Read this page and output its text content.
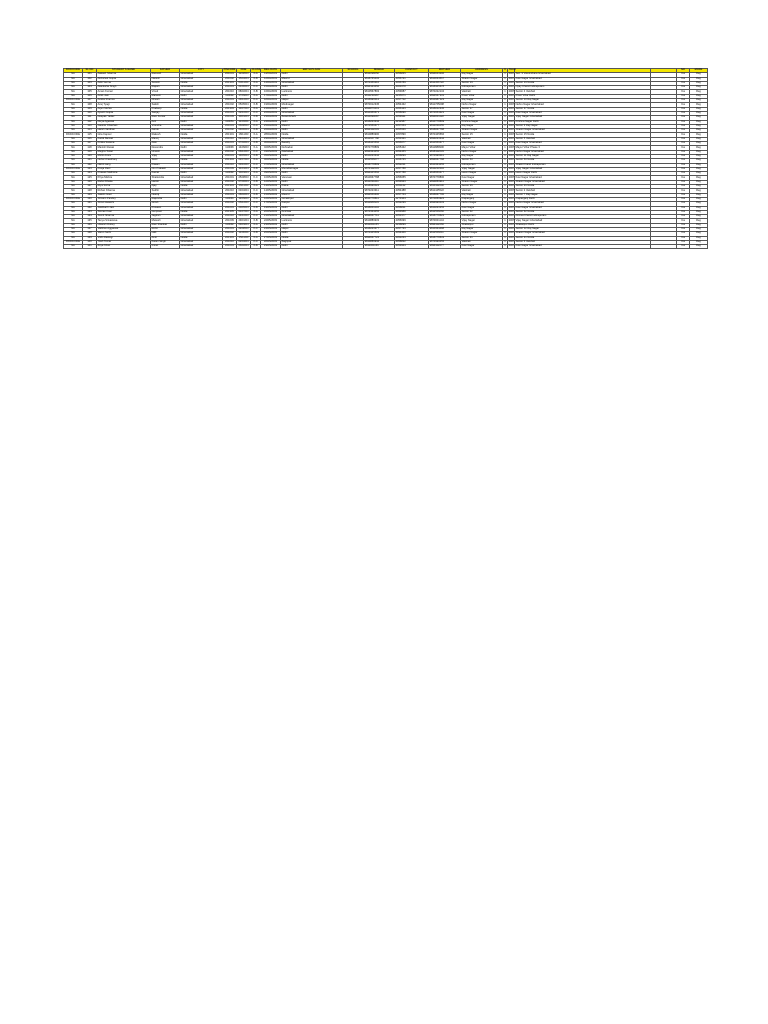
PAID/CODE	SL NO	STUDENT'S NAME	FATHER	CITY	PINCODE	DOB	CLASS	REG DATE	BIRTH PLACE	SCHOOL	MOBILE	CONTACT	MOTHER	ADDRESS	X	YEAR			NO	MODE
NA	101	Aakash Sharma	Ramesh	Ghaziabad	201001	12/08/03	X-A	11/04/2003	Delhi		9811098650	4358865	9899043296	Raj Nagar	1	2007	Sec. 9 Vasundhara Ghaziabad		Yes	Reg
NA	102	Abhishek Gupta	Naresh	Ghaziabad	201002	15/04/04	X-B	12/04/2003	Meerut		9818765432	4356721	9810034567	Shastri Nagar	1	2007	Kavi Nagar Ghaziabad		Yes	Reg
NA	103	Aditi Verma	Suresh	Noida	201301	03/11/03	X-A	14/04/2003	Ghaziabad		9873456210	2456789	9811456722	Sector 19	1	2007	Sector 19 Noida		Yes	Reg
NA	104	Akanksha Singh	Rajesh	Ghaziabad	201001	21/06/04	X-C	15/04/2003	Delhi		9899123456	4321678	9818345678	Indirapuram	1	2007	Nyay Khand Indirapuram		Yes	Reg
NA	105	Aman Kumar	Vinod	Ghaziabad	201010	08/02/04	X-B	16/04/2003	Lucknow		9810567893	4359087	9873222134	Vaishali	1	2007	Sector 4 Vaishali		Yes	Reg
NA	106	Ankit Jain	Mahesh	Delhi	110092	17/09/03	X-A	17/04/2003	Delhi		9811234987	2245671	9899567231	Preet Vihar	1	2007	Preet Vihar Delhi		Yes	Reg
PAID/CODE	107	Ankita Sharma	Dinesh	Ghaziabad	201001	29/12/03	X-C	18/04/2003	Hapur		9818990012	4357712	9810987123	Raj Nagar	1	2007	Sector 10 Raj Nagar		Yes	Reg
NA	108	Anuj Tyagi	Satish	Ghaziabad	201002	05/05/04	X-B	19/04/2003	Modinagar		9873012345	4354432	9811765098	Nehru Nagar	1	2007	Nehru Nagar Ghaziabad		Yes	Reg
NA	109	Arjun Mehta	Pradeep	Noida	201303	13/07/03	X-A	21/04/2003	Delhi		9899876001	2456123	9818012345	Sector 37	1	2007	Sector 37 Noida		Yes	Reg
NA	110	Ayushi Gupta	Sanjay	Ghaziabad	201001	22/10/03	X-C	22/04/2003	Ghaziabad		9810456671	4358090	9873654321	Kavi Nagar	1	2007	Kavi Nagar Ghaziabad		Yes	Reg
NA	111	Deepak Yadav	Ram Kumar	Ghaziabad	201009	30/01/04	X-B	23/04/2003	Bulandshahr		9811990087	4359911	9899001122	Vijay Nagar	1	2007	Vijay Nagar Ghaziabad		Yes	Reg
NA	112	Divya Agarwal	Anil	Delhi	110051	11/03/04	X-A	24/04/2003	Delhi		9818223344	2212987	9810778899	Krishna Nagar	1	2007	Krishna Nagar Delhi		Yes	Reg
NA	113	Gaurav Chauhan	Virendra	Ghaziabad	201001	26/08/03	X-C	25/04/2003	Meerut		9873556677	4357654	9811334455	Raj Nagar	1	2007	Sector 3 Raj Nagar		Yes	Reg
NA	114	Harsh Vardhan	Ashok	Ghaziabad	201002	09/06/04	X-B	26/04/2003	Delhi		9899112233	4355566	9818667788	Shastri Nagar	1	2007	Shastri Nagar Ghaziabad		Yes	Reg
PAID/CODE	115	Isha Kapoor	Rakesh	Noida	201301	18/11/03	X-A	28/04/2003	Noida		9810889900	2457890	9873445566	Sector 15	1	2007	Sector 15 Noida		Yes	Reg
NA	116	Kartik Bansal	Manoj	Ghaziabad	201010	04/04/04	X-C	29/04/2003	Ghaziabad		9811667788	4353321	9899223344	Vaishali	1	2007	Sector 5 Vaishali		Yes	Reg
NA	117	Kritika Saxena	Alok	Ghaziabad	201001	27/02/04	X-B	30/04/2003	Bareilly		9818445566	4356677	9810556677	Kavi Nagar	1	2007	Kavi Nagar Ghaziabad		Yes	Reg
NA	118	Manish Rawat	Devendra	Delhi	110096	14/09/03	X-A	02/05/2003	Dehradun		9873778899	2265432	9811889900	Mayur Vihar	1	2007	Mayur Vihar Phase 3		Yes	Reg
NA	119	Megha Tiwari	Umesh	Ghaziabad	201002	06/12/03	X-C	03/05/2003	Allahabad		9899334455	4354455	9818112233	Nehru Nagar	1	2007	Nehru Nagar Ghaziabad		Yes	Reg
NA	120	Mohit Arora	Vijay	Ghaziabad	201001	19/05/04	X-B	05/05/2003	Delhi		9810223344	4358899	9873990011	Raj Nagar	1	2007	Sector 11 Raj Nagar		Yes	Reg
NA	121	Neha Chaudhary	Sunil	Noida	201304	02/07/03	X-A	06/05/2003	Noida		9811556677	2458765	9899667788	Sector 50	1	2007	Sector 50 Noida		Yes	Reg
NA	122	Nikhil Garg	Pawan	Ghaziabad	201010	23/10/03	X-C	07/05/2003	Ghaziabad		9818778899	4352211	9810334455	Indirapuram	1	2007	Shakti Khand Indirapuram		Yes	Reg
PAID/CODE	123	Pooja Rani	Om Prakash	Ghaziabad	201009	31/01/04	X-B	08/05/2003	Muzaffarnagar		9873112233	4357788	9811223344	Vijay Nagar	1	2007	Vijay Nagar Ghaziabad		Yes	Reg
NA	124	Prateek Malhotra	Kamal	Delhi	110092	10/03/04	X-A	09/05/2003	Delhi		9899445566	2247788	9818556677	Laxmi Nagar	1	2007	Laxmi Nagar Delhi		Yes	Reg
NA	125	Priya Mishra	Shailendra	Ghaziabad	201001	25/08/03	X-C	10/05/2003	Varanasi		9810667788	4356655	9873778800	Kavi Nagar	1	2007	Kavi Nagar Ghaziabad		Yes	Reg
NA	126	Rahul Bhatia	Harish	Ghaziabad	201002	07/06/04	X-B	12/05/2003	Delhi		9811334411	4359933	9899889911	Shastri Nagar	1	2007	Shastri Nagar Ghaziabad		Yes	Reg
NA	127	Riya Sinha	Ajay	Noida	201301	16/11/03	X-A	13/05/2003	Patna		9818990022	2451122	9810112200	Sector 26	1	2007	Sector 26 Noida		Yes	Reg
NA	128	Rohan Khanna	Sudhir	Ghaziabad	201010	03/04/04	X-C	14/05/2003	Ghaziabad		9873223311	4354488	9811445522	Vaishali	1	2007	Sector 2 Vaishali		Yes	Reg
NA	129	Sakshi Goel	Neeraj	Ghaziabad	201001	28/02/04	X-B	15/05/2003	Meerut		9899556600	4357744	9818667700	Raj Nagar	1	2007	Sector 7 Raj Nagar		Yes	Reg
PAID/CODE	130	Shivam Pandey	Rajendra	Delhi	110091	12/09/03	X-A	16/05/2003	Gorakhpur		9810778811	2273344	9873889922	Patparganj	1	2007	Patparganj Delhi		Yes	Reg
NA	131	Shruti Awasthi	Girish	Ghaziabad	201002	05/12/03	X-C	17/05/2003	Kanpur		9811889933	4352299	9899990033	Nehru Nagar	1	2007	Nehru Nagar Ghaziabad		Yes	Reg
NA	132	Siddharth Jain	Praveen	Ghaziabad	201001	20/05/04	X-B	19/05/2003	Delhi		9818001144	4358811	9810223355	Kavi Nagar	1	2007	Kavi Nagar Ghaziabad		Yes	Reg
NA	133	Simran Kaur	Gurpreet	Noida	201305	01/07/03	X-A	20/05/2003	Amritsar		9873334455	2459988	9811556666	Sector 62	1	2007	Sector 62 Noida		Yes	Reg
NA	134	Sumit Sharma	Jagdish	Ghaziabad	201010	24/10/03	X-C	21/05/2003	Ghaziabad		9899667711	4353377	9818778822	Indirapuram	1	2007	Ahinsa Khand Indirapuram		Yes	Reg
NA	135	Tanya Srivastava	Mukesh	Ghaziabad	201009	29/01/04	X-B	22/05/2003	Lucknow		9810889933	4356699	9873001144	Vijay Nagar	1	2007	Vijay Nagar Ghaziabad		Yes	Reg
NA	136	Utkarsh Dubey	Ravi Shankar	Delhi	110092	09/03/04	X-A	23/05/2003	Delhi		9811001155	2248899	9899112266	Shakarpur	1	2007	Shakarpur Delhi		Yes	Reg
NA	137	Vaibhav Aggarwal	Rohit	Ghaziabad	201001	22/08/03	X-C	24/05/2003	Hapur		9818223377	4357733	9810334488	Raj Nagar	1	2007	Sector 12 Raj Nagar		Yes	Reg
NA	138	Varun Sethi	Lalit	Ghaziabad	201002	11/06/04	X-B	26/05/2003	Delhi		9873445599	4354400	9811556611	Shastri Nagar	1	2007	Shastri Nagar Ghaziabad		Yes	Reg
NA	139	Vidhi Rastogi	Amit	Noida	201301	15/11/03	X-A	27/05/2003	Noida		9899667722	2452233	9818778833	Sector 21	1	2007	Sector 21 Noida		Yes	Reg
PAID/CODE	140	Yash Tomar	Karan Singh	Ghaziabad	201010	02/04/04	X-C	28/05/2003	Baghpat		9810889944	4358822	9873990055	Vaishali	1	2007	Sector 6 Vaishali		Yes	Reg
NA	141	Zoya Khan	Imran	Ghaziabad	201001	26/02/04	X-B	29/05/2003	Delhi		9811001166	4359944	9899112277	Kavi Nagar	1	2007	Kavi Nagar Ghaziabad		Yes	Reg
